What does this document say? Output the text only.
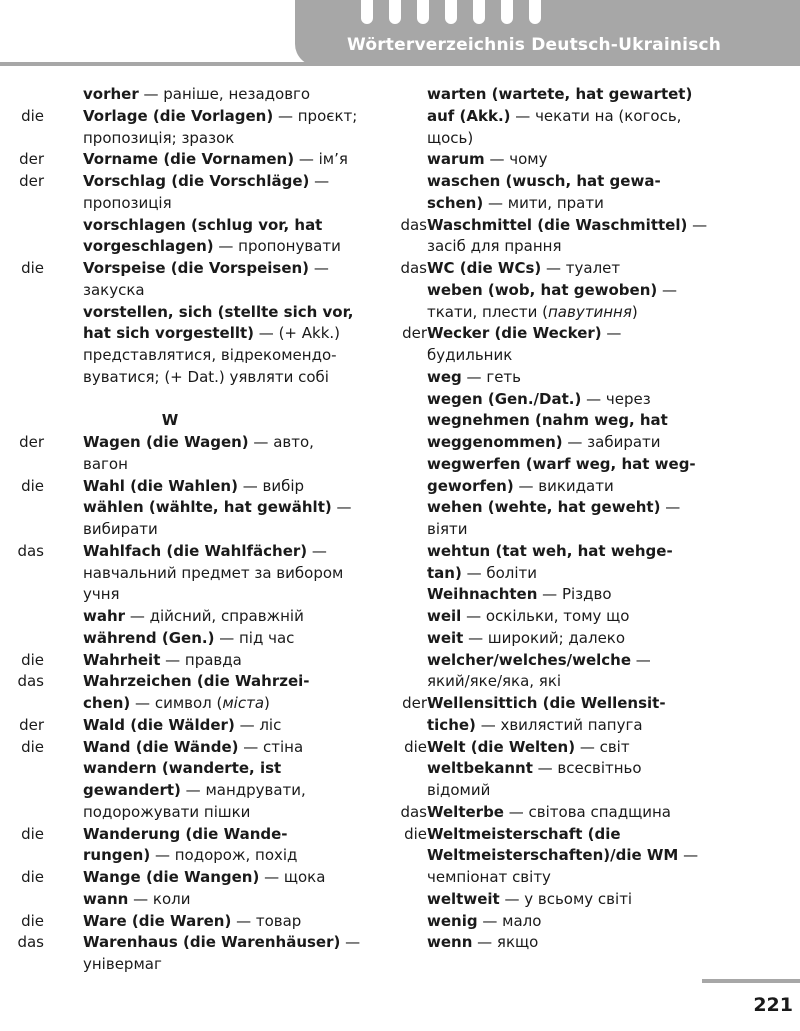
Wörterverzeichnis Deutsch-Ukrainisch
vorher — раніше, незадовго
die	Vorlage (die Vorlagen) — проєкт;
пропозиція; зразок
der	Vorname (die Vornamen) — ім’я
der	Vorschlag (die Vorschläge) —
пропозиція
vorschlagen (schlug vor, hat
vorgeschlagen) — пропонувати
die	Vorspeise (die Vorspeisen) —
закуска
vorstellen, sich (stellte sich vor,
hat sich vorgestellt) — (+ Akk.)
представлятися, відрекомендо-
вуватися; (+ Dat.) уявляти собі
W
der	Wagen (die Wagen) — авто,
вагон
die	Wahl (die Wahlen) — вибір
wählen (wählte, hat gewählt) —
вибирати
das	Wahlfach (die Wahlfächer) —
навчальний предмет за вибором
учня
wahr — дійсний, справжній
während (Gen.) — під час
die	Wahrheit — правда
das	Wahrzeichen (die Wahrzei-
chen) — символ (міста)
der	Wald (die Wälder) — ліс
die	Wand (die Wände) — стіна
wandern (wanderte, ist
gewandert) — мандрувати,
подорожувати пішки
die	Wanderung (die Wande-
rungen) — подорож, похід
die	Wange (die Wangen) — щока
wann — коли
die	Ware (die Waren) — товар
das	Warenhaus (die Warenhäuser) —
універмаг
warten (wartete, hat gewartet)
auf (Akk.) — чекати на (когось,
щось)
warum — чому
waschen (wusch, hat gewa-
schen) — мити, прати
das Waschmittel (die Waschmittel) —
засіб для прання
das WC (die WCs) — туалет
weben (wob, hat gewoben) —
ткати, плести (павутиння)
der Wecker (die Wecker) —
будильник
weg — геть
wegen (Gen./Dat.) — через
wegnehmen (nahm weg, hat
weggenommen) — забирати
wegwerfen (warf weg, hat weg-
geworfen) — викидати
wehen (wehte, hat geweht) —
віяти
wehtun (tat weh, hat wehge-
tan) — боліти
Weihnachten — Різдво
weil — оскільки, тому що
weit — широкий; далеко
welcher/welches/welche —
який/яке/яка, які
der Wellensittich (die Wellensit-
tiche) — хвилястий папуга
die Welt (die Welten) — світ
weltbekannt — всесвітньо
відомий
das Welterbe — світова спадщина
die Weltmeisterschaft (die
Weltmeisterschaften)/die WM —
чемпіонат світу
weltweit — у всьому світі
wenig — мало
wenn — якщо
221
